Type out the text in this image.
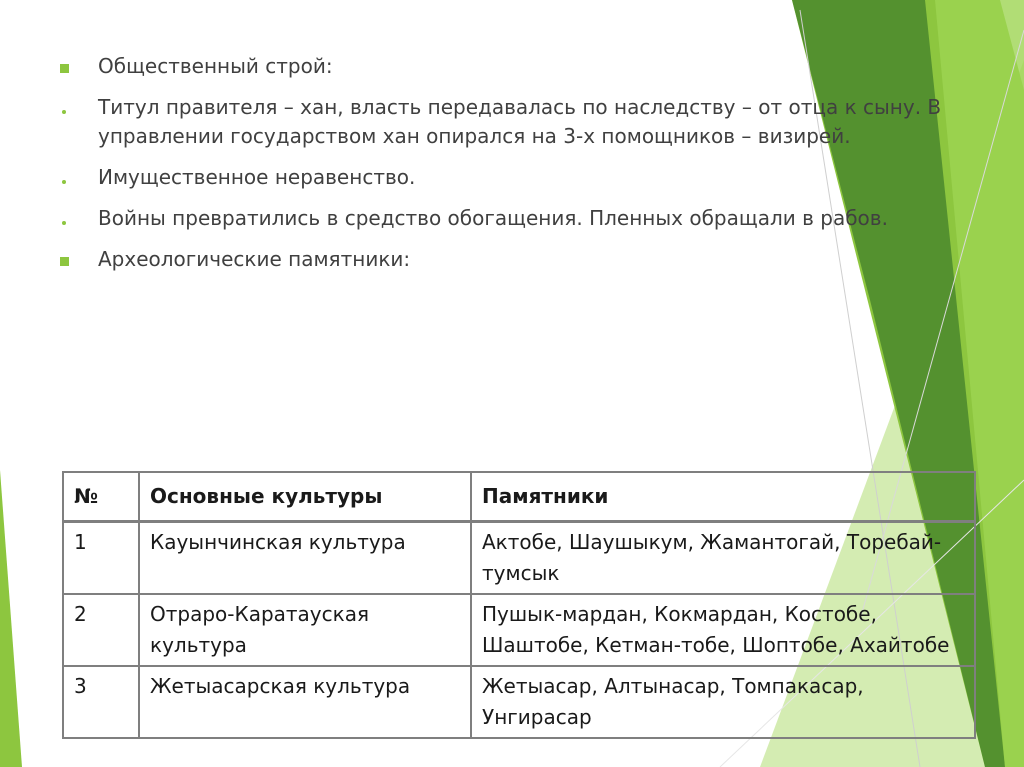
Общественный строй:
Титул правителя – хан, власть передавалась по наследству – от отца к сыну. В управлении государством хан опирался на 3-х помощников – визирей.
Имущественное неравенство.
Войны превратились в средство обогащения. Пленных обращали в рабов.
Археологические памятники:
№	Основные культуры	Памятники
1	Кауынчинская культура	Актобе, Шаушыкум, Жамантогай, Торебай-тумсык
2	Отраро-Каратауская культура	Пушык-мардан, Кокмардан, Костобе, Шаштобе, Кетман-тобе, Шоптобе, Ахайтобе
3	Жетыасарская культура	Жетыасар, Алтынасар, Томпакасар, Унгирасар
